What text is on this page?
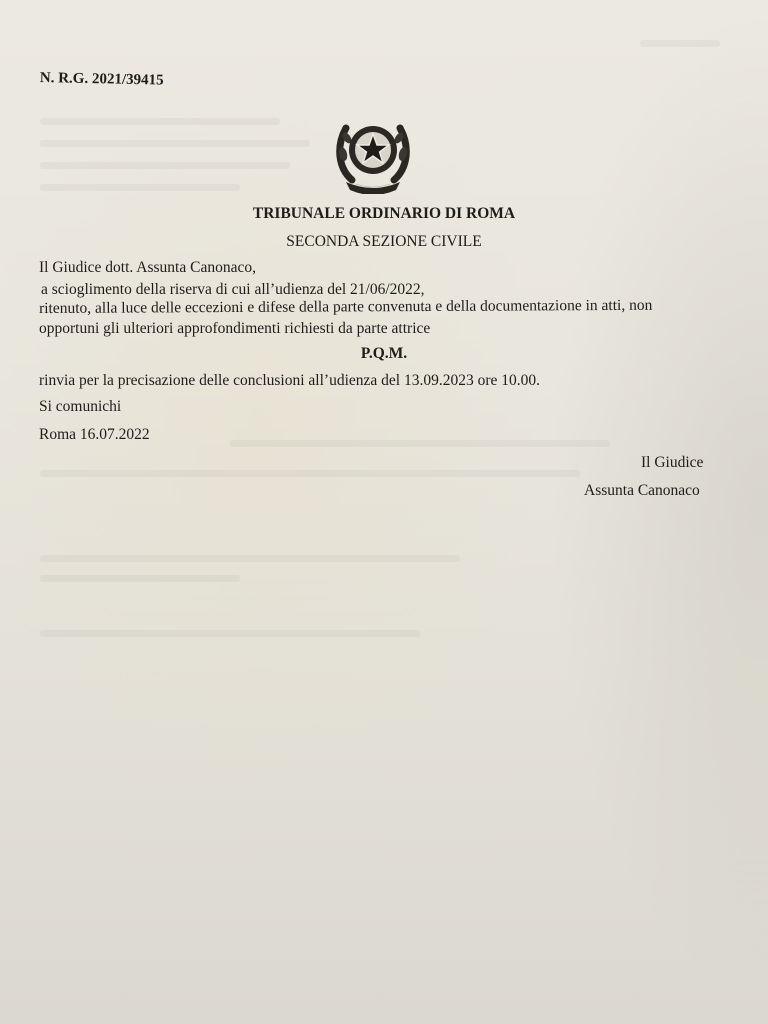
N. R.G. 2021/39415
TRIBUNALE ORDINARIO DI ROMA
SECONDA SEZIONE CIVILE
Il Giudice dott. Assunta Canonaco,
a scioglimento della riserva di cui all’udienza del 21/06/2022,
ritenuto, alla luce delle eccezioni e difese della parte convenuta e della documentazione in atti, non
opportuni gli ulteriori approfondimenti richiesti da parte attrice
P.Q.M.
rinvia per la precisazione delle conclusioni all’udienza del 13.09.2023 ore 10.00.
Si comunichi
Roma 16.07.2022
Il Giudice
Assunta Canonaco
